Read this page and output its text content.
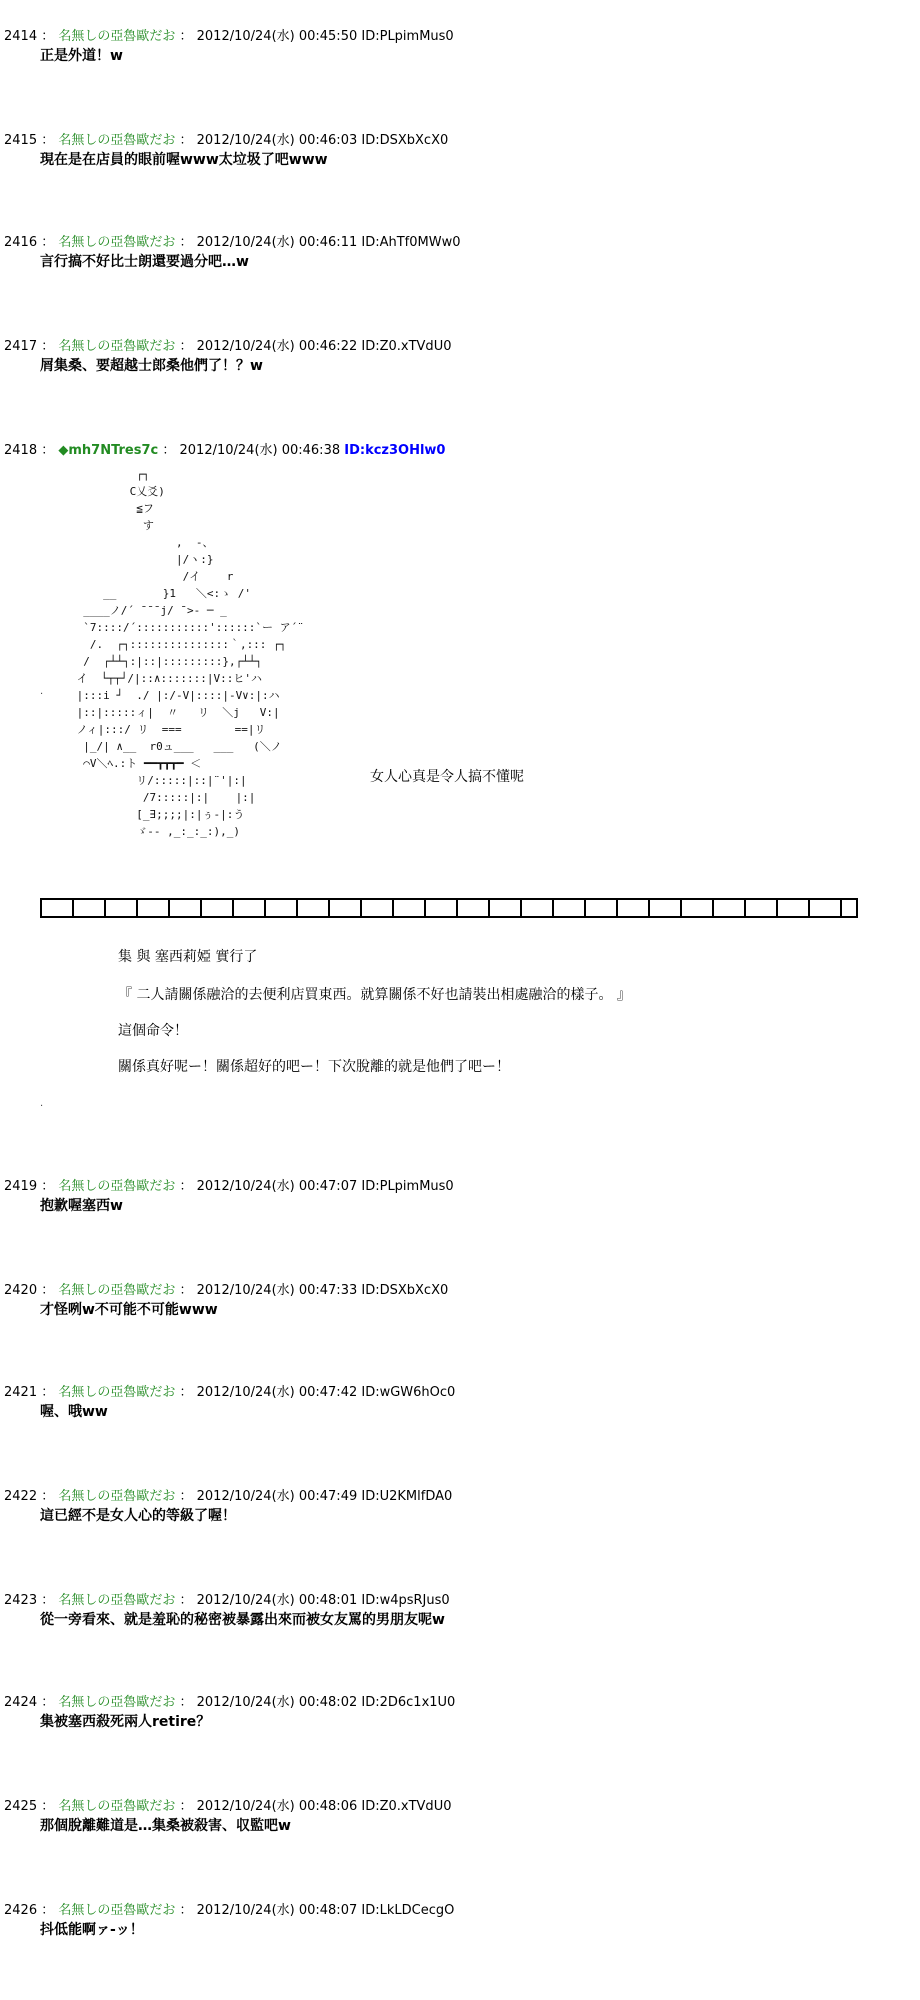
2414 ： 名無しの亞魯歐だお ： 2012/10/24(水) 00:45:50 ID:PLpimMus0
正是外道！w
2415 ： 名無しの亞魯歐だお ： 2012/10/24(水) 00:46:03 ID:DSXbXcX0
現在是在店員的眼前喔www太垃圾了吧www
2416 ： 名無しの亞魯歐だお ： 2012/10/24(水) 00:46:11 ID:AhTf0MWw0
言行搞不好比士朗還要過分吧…w
2417 ： 名無しの亞魯歐だお ： 2012/10/24(水) 00:46:22 ID:Z0.xTVdU0
屑集桑、要超越士郎桑他們了！？w
2418 ： ◆mh7NTres7c ： 2012/10/24(水) 00:46:38 ID:kcz3OHlw0
┌┐
C乂爻)
≦フ
す
,  -、
|/ヽ:}
/イ    r
__       }1   ＼<:ゝ /'
____ノ/´ ̄ ̄ ̄ j/ ̄ >- ─ _
`7::::/´:::::::::::'::::::`ー ア´¨
/.  ┌┐:::::::::::::::｀,::: ┌┐
/  ┌┴┴┐:|::|:::::::::},┌┴┴┐
イ  └┬┬┘/|::∧:::::::|V::ヒ'ハ
|:::i ┘  ./ |:/-V|::::|-V∨:|:ハ
|::|:::::ィ|  〃   リ  ＼j   V:|
ノィ|:::/ リ  ===        ==|リ
|_/| ∧__  r0ュ___   ___   (＼ノ
⌒V＼ﾍ.:ト ━━┳┳┳━ ＜
リ/:::::|::|¨'|:|
/7:::::|:|    |:|
[_∃;;;;|:|ぅ-|:う
ゞ-- ,_:_:_:),_)
女人心真是令人搞不懂呢
.
集 與 塞西莉婭 實行了
『 二人請關係融洽的去便利店買東西。就算關係不好也請裝出相處融洽的樣子。 』
這個命令！
關係真好呢ー！關係超好的吧ー！下次脫離的就是他們了吧ー！
.
2419 ： 名無しの亞魯歐だお ： 2012/10/24(水) 00:47:07 ID:PLpimMus0
抱歉喔塞西w
2420 ： 名無しの亞魯歐だお ： 2012/10/24(水) 00:47:33 ID:DSXbXcX0
才怪咧w不可能不可能www
2421 ： 名無しの亞魯歐だお ： 2012/10/24(水) 00:47:42 ID:wGW6hOc0
喔、哦ww
2422 ： 名無しの亞魯歐だお ： 2012/10/24(水) 00:47:49 ID:U2KMlfDA0
這已經不是女人心的等級了喔！
2423 ： 名無しの亞魯歐だお ： 2012/10/24(水) 00:48:01 ID:w4psRJus0
從一旁看來、就是羞恥的秘密被暴露出來而被女友罵的男朋友呢w
2424 ： 名無しの亞魯歐だお ： 2012/10/24(水) 00:48:02 ID:2D6c1x1U0
集被塞西殺死兩人retire？
2425 ： 名無しの亞魯歐だお ： 2012/10/24(水) 00:48:06 ID:Z0.xTVdU0
那個脫離難道是…集桑被殺害、収監吧w
2426 ： 名無しの亞魯歐だお ： 2012/10/24(水) 00:48:07 ID:LkLDCecgO
抖低能啊ァ-ッ！
